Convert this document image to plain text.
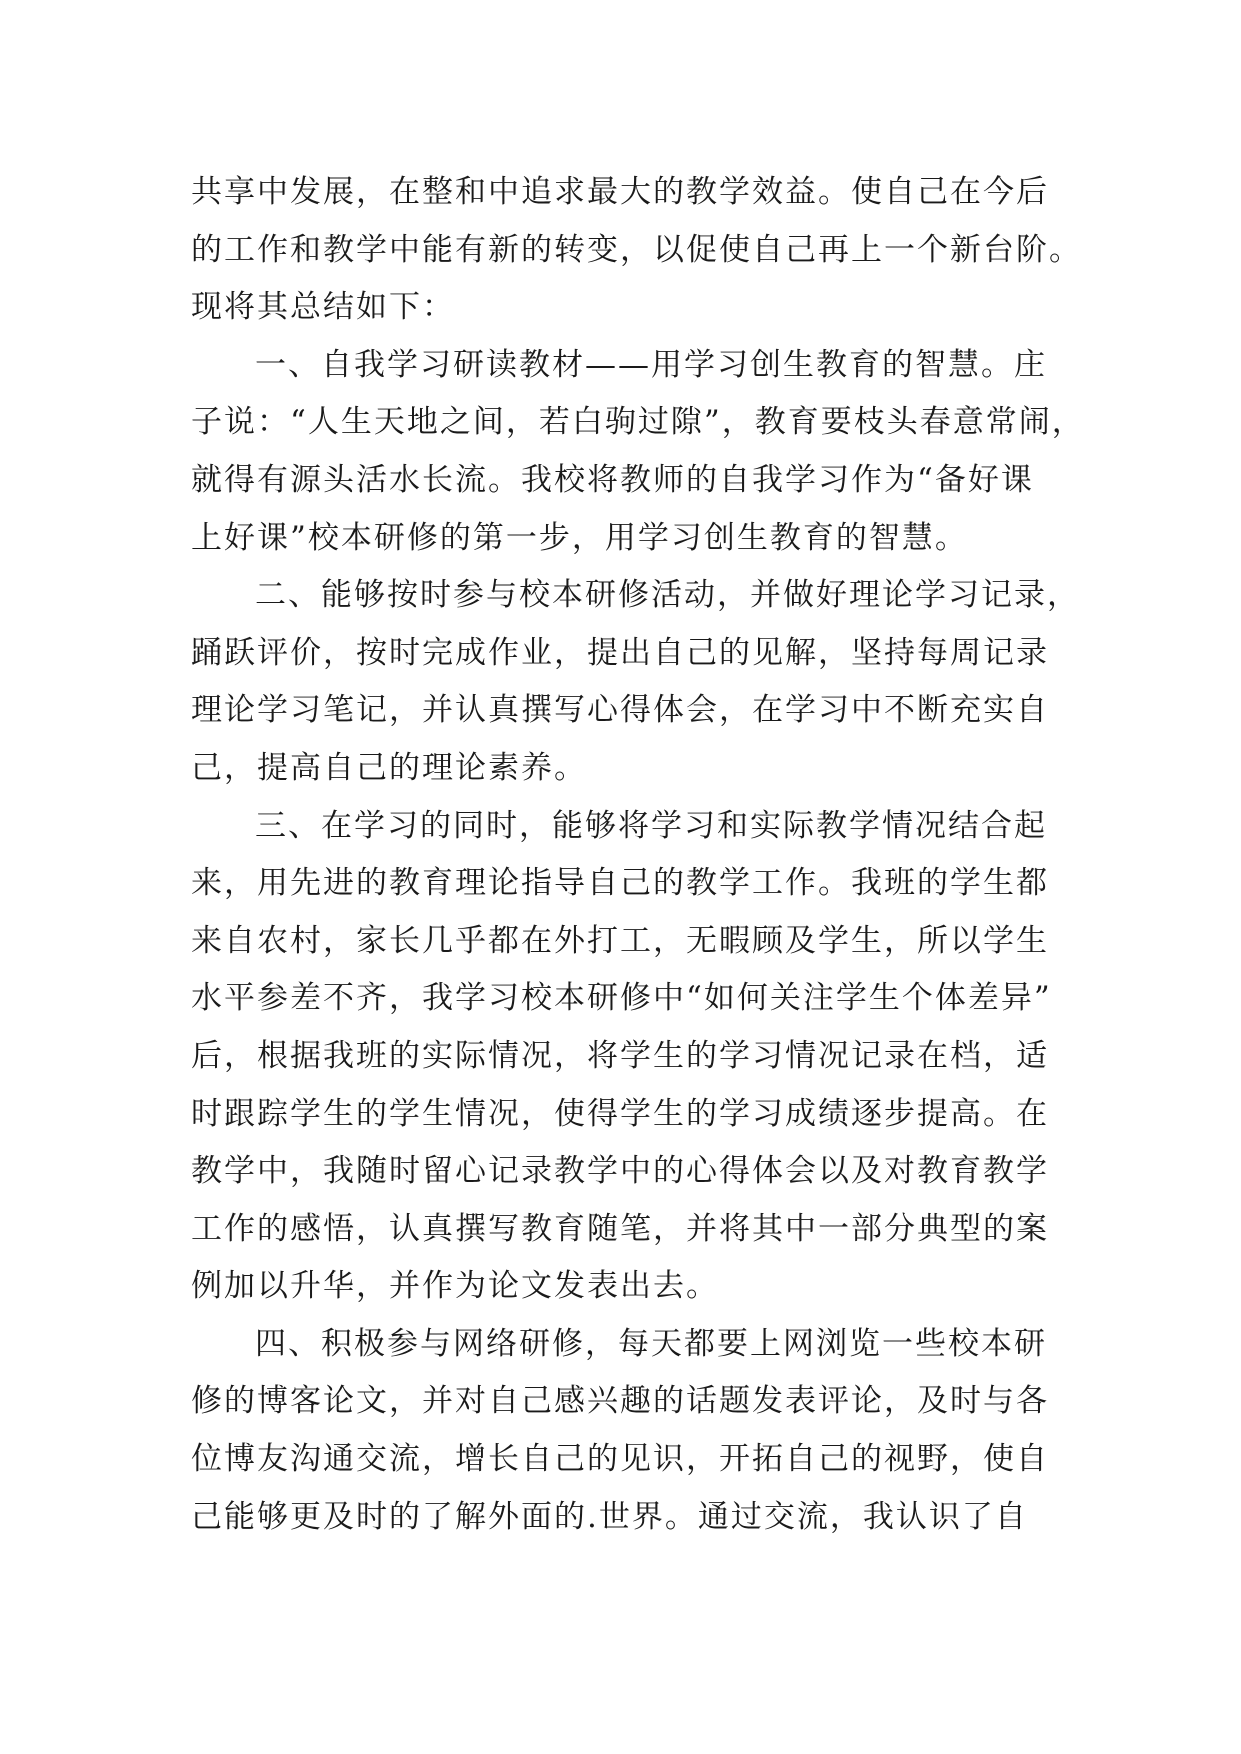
共享中发展，在整和中追求最大的教学效益。使自己在今后
的工作和教学中能有新的转变，以促使自己再上一个新台阶。
现将其总结如下：
一、自我学习研读教材——用学习创生教育的智慧。庄
子说：“人生天地之间，若白驹过隙”，教育要枝头春意常闹，
就得有源头活水长流。我校将教师的自我学习作为“备好课
上好课”校本研修的第一步，用学习创生教育的智慧。
二、能够按时参与校本研修活动，并做好理论学习记录，
踊跃评价，按时完成作业，提出自己的见解，坚持每周记录
理论学习笔记，并认真撰写心得体会，在学习中不断充实自
己，提高自己的理论素养。
三、在学习的同时，能够将学习和实际教学情况结合起
来，用先进的教育理论指导自己的教学工作。我班的学生都
来自农村，家长几乎都在外打工，无暇顾及学生，所以学生
水平参差不齐，我学习校本研修中“如何关注学生个体差异”
后，根据我班的实际情况，将学生的学习情况记录在档，适
时跟踪学生的学生情况，使得学生的学习成绩逐步提高。在
教学中，我随时留心记录教学中的心得体会以及对教育教学
工作的感悟，认真撰写教育随笔，并将其中一部分典型的案
例加以升华，并作为论文发表出去。
四、积极参与网络研修，每天都要上网浏览一些校本研
修的博客论文，并对自己感兴趣的话题发表评论，及时与各
位博友沟通交流，增长自己的见识，开拓自己的视野，使自
己能够更及时的了解外面的.世界。通过交流，我认识了自
